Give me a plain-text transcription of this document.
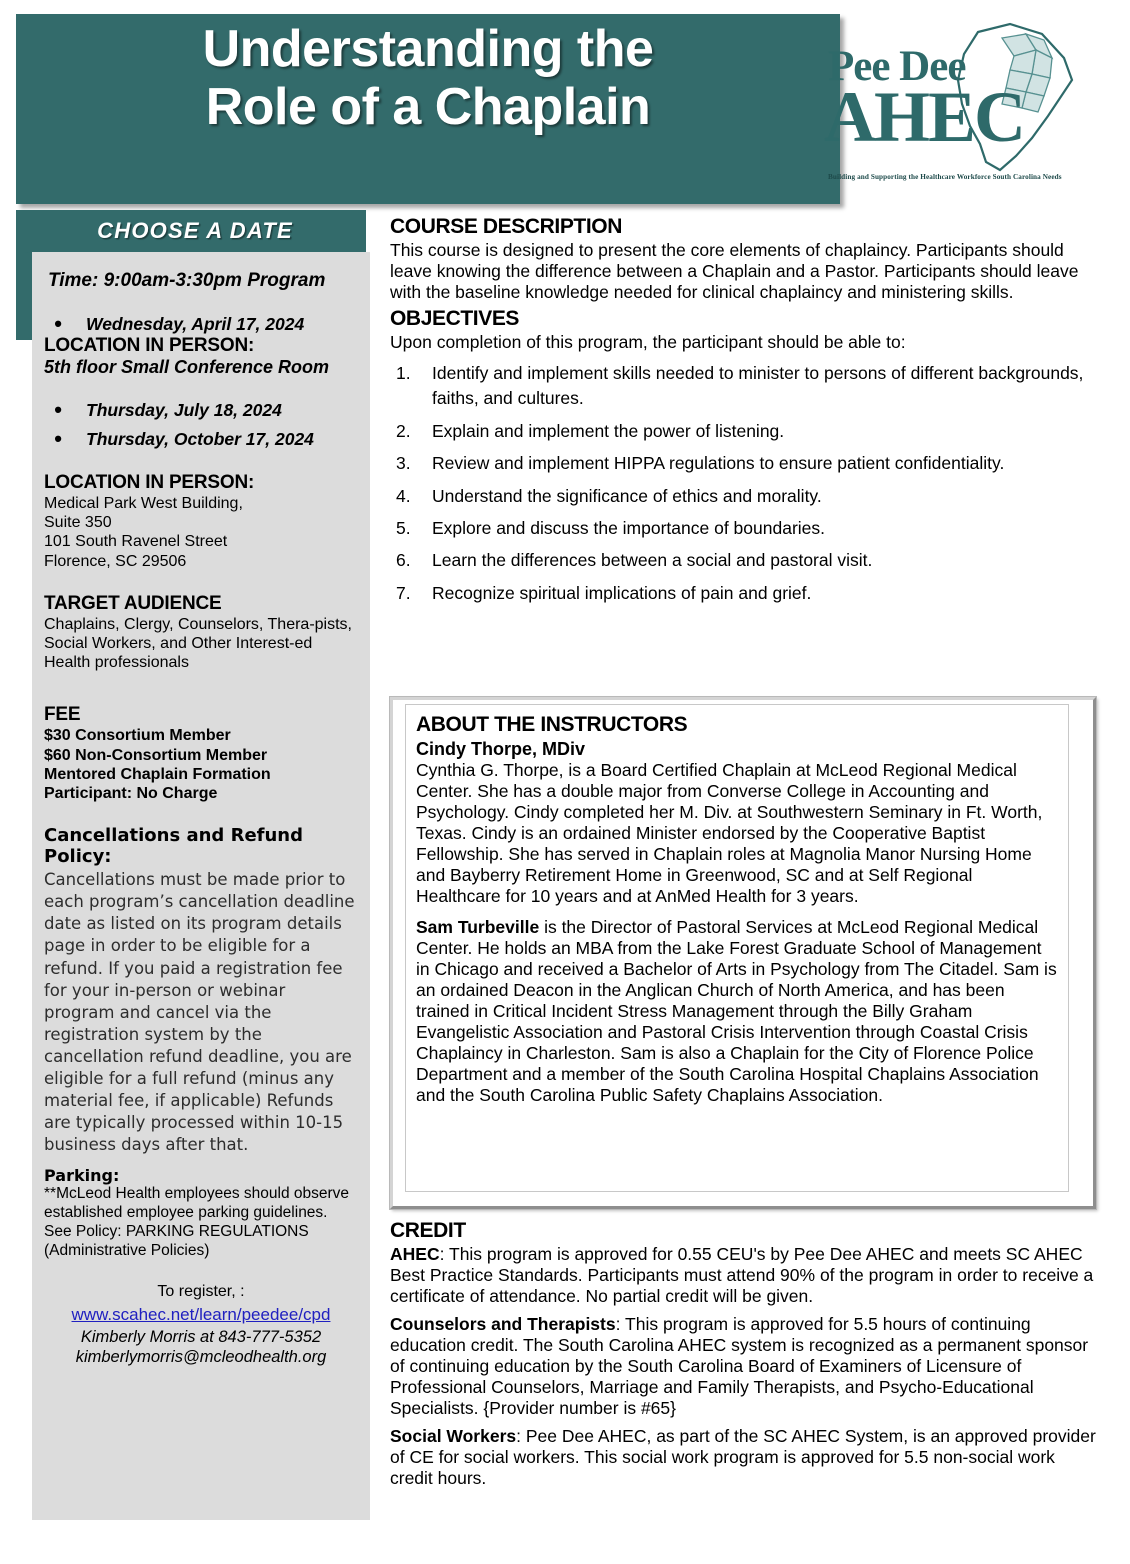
Understanding the
Role of a Chaplain
Pee Dee
AHEC
Building and Supporting the Healthcare Workforce South Carolina Needs
CHOOSE A DATE
Time: 9:00am-3:30pm Program
• Wednesday, April 17, 2024
LOCATION IN PERSON:
5th floor Small Conference Room
• Thursday, July 18, 2024
• Thursday, October 17, 2024
LOCATION IN PERSON:
Medical Park West Building,
Suite 350
101 South Ravenel Street
Florence, SC 29506
TARGET AUDIENCE
Chaplains, Clergy, Counselors, Thera-pists, Social Workers, and Other Interest-ed Health professionals
FEE
$30 Consortium Member
$60 Non-Consortium Member
Mentored Chaplain Formation
Participant: No Charge
Cancellations and Refund Policy:
Cancellations must be made prior to each program’s cancellation deadline date as listed on its program details page in order to be eligible for a refund. If you paid a registration fee for your in-person or webinar program and cancel via the registration system by the cancellation refund deadline, you are eligible for a full refund (minus any material fee, if applicable) Refunds are typically processed within 10-15 business days after that.
Parking:
**McLeod Health employees should observe established employee parking guidelines. See Policy: PARKING REGULATIONS (Administrative Policies)
To register, :
www.scahec.net/learn/peedee/cpd
Kimberly Morris at 843-777-5352
kimberlymorris@mcleodhealth.org
COURSE DESCRIPTION
This course is designed to present the core elements of chaplaincy. Participants should leave knowing the difference between a Chaplain and a Pastor. Participants should leave with the baseline knowledge needed for clinical chaplaincy and ministering skills.
OBJECTIVES
Upon completion of this program, the participant should be able to:
1. Identify and implement skills needed to minister to persons of different backgrounds, faiths, and cultures.
2. Explain and implement the power of listening.
3. Review and implement HIPPA regulations to ensure patient confidentiality.
4. Understand the significance of ethics and morality.
5. Explore and discuss the importance of boundaries.
6. Learn the differences between a social and pastoral visit.
7. Recognize spiritual implications of pain and grief.
ABOUT THE INSTRUCTORS
Cindy Thorpe, MDiv
Cynthia G. Thorpe, is a Board Certified Chaplain at McLeod Regional Medical Center. She has a double major from Converse College in Accounting and Psychology. Cindy completed her M. Div. at Southwestern Seminary in Ft. Worth, Texas. Cindy is an ordained Minister endorsed by the Cooperative Baptist Fellowship. She has served in Chaplain roles at Magnolia Manor Nursing Home and Bayberry Retirement Home in Greenwood, SC and at Self Regional Healthcare for 10 years and at AnMed Health for 3 years.
Sam Turbeville is the Director of Pastoral Services at McLeod Regional Medical Center. He holds an MBA from the Lake Forest Graduate School of Management in Chicago and received a Bachelor of Arts in Psychology from The Citadel. Sam is an ordained Deacon in the Anglican Church of North America, and has been trained in Critical Incident Stress Management through the Billy Graham Evangelistic Association and Pastoral Crisis Intervention through Coastal Crisis Chaplaincy in Charleston. Sam is also a Chaplain for the City of Florence Police Department and a member of the South Carolina Hospital Chaplains Association and the South Carolina Public Safety Chaplains Association.
CREDIT
AHEC: This program is approved for 0.55 CEU's by Pee Dee AHEC and meets SC AHEC Best Practice Standards. Participants must attend 90% of the program in order to receive a certificate of attendance. No partial credit will be given.
Counselors and Therapists: This program is approved for 5.5 hours of continuing education credit. The South Carolina AHEC system is recognized as a permanent sponsor of continuing education by the South Carolina Board of Examiners of Licensure of Professional Counselors, Marriage and Family Therapists, and Psycho-Educational Specialists. {Provider number is #65}
Social Workers: Pee Dee AHEC, as part of the SC AHEC System, is an approved provider of CE for social workers. This social work program is approved for 5.5 non-social work credit hours.
